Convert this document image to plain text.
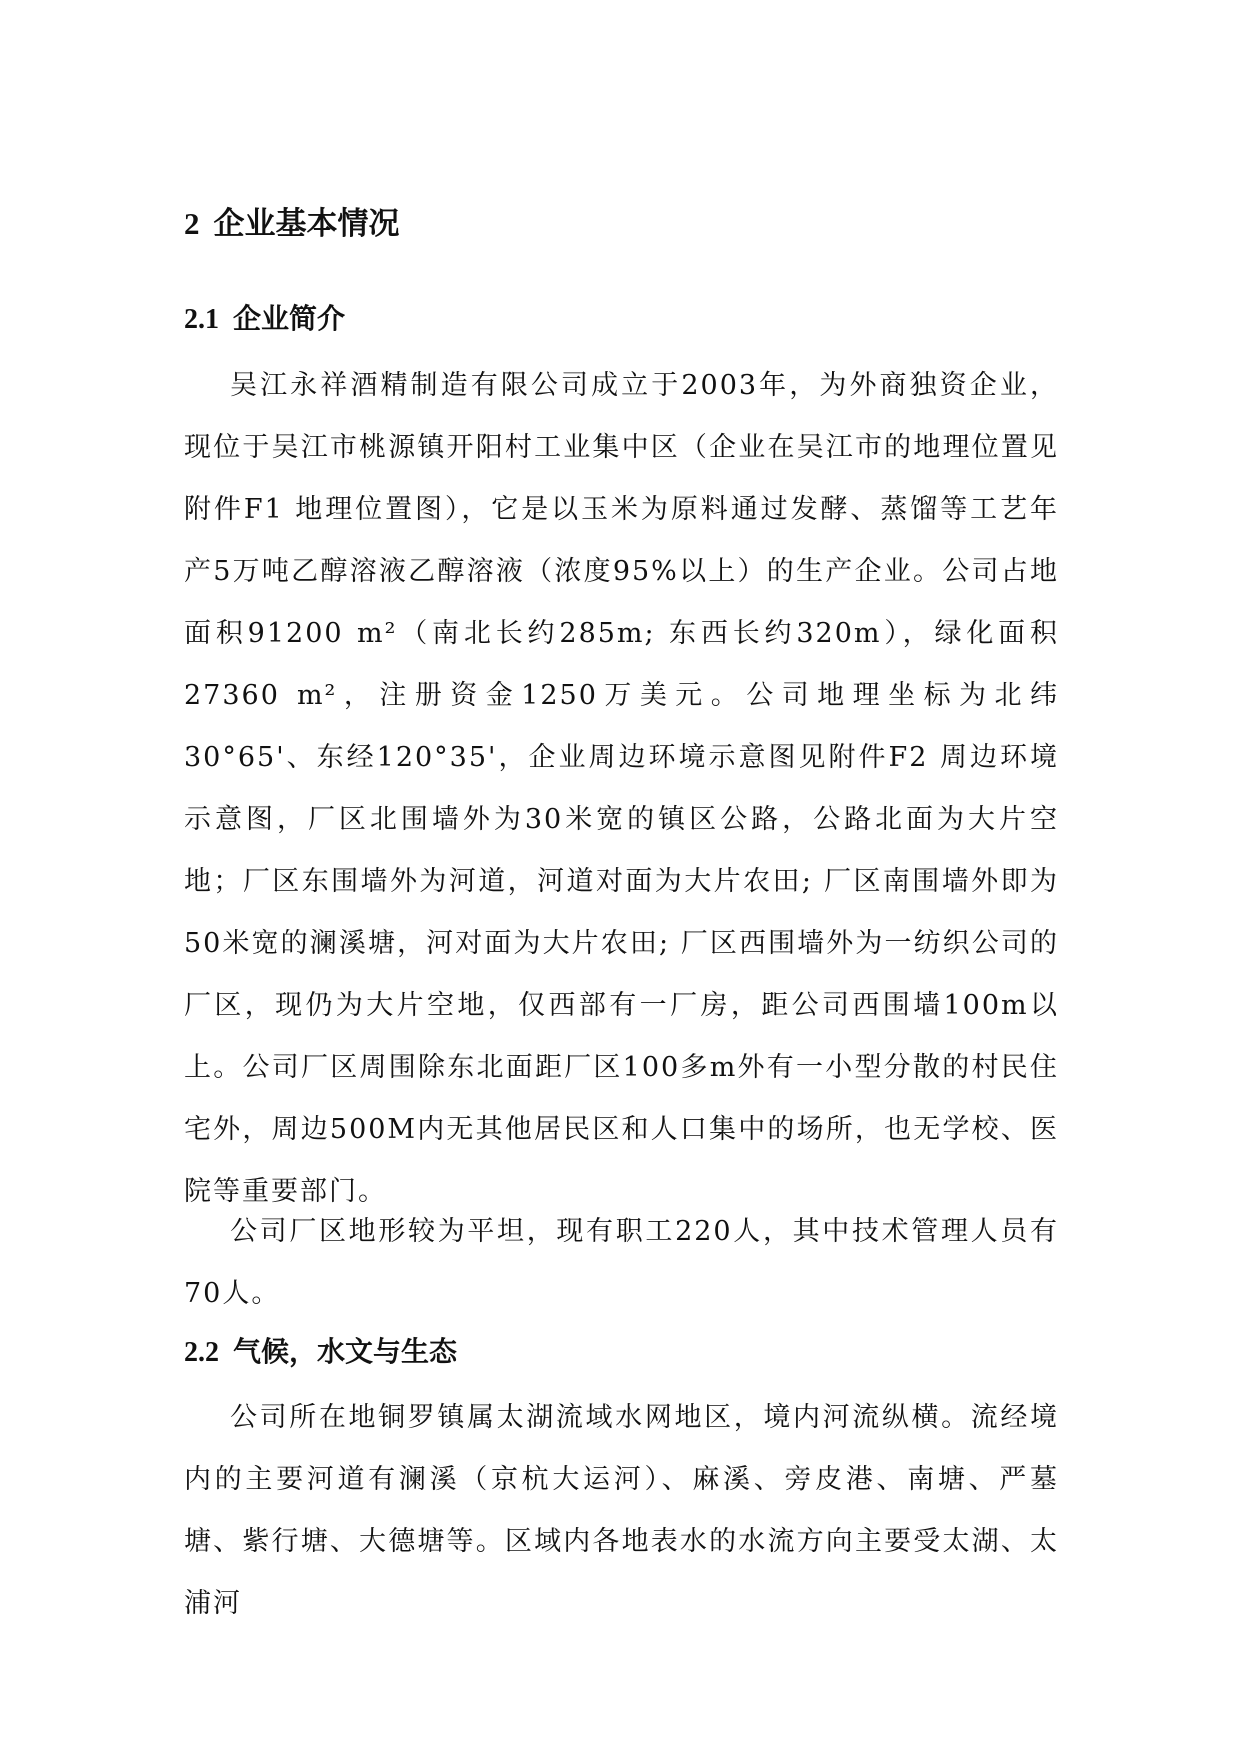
2 企业基本情况
2.1 企业简介

吴江永祥酒精制造有限公司成立于2003年，为外商独资企业，现位于吴江市桃源镇开阳村工业集中区（企业在吴江市的地理位置见附件F1 地理位置图），它是以玉米为原料通过发酵、蒸馏等工艺年产5万吨乙醇溶液乙醇溶液（浓度95%以上）的生产企业。公司占地面积91200 m²（南北长约285m; 东西长约320m），绿化面积27360 m²，注册资金1250万美元。公司地理坐标为北纬30°65'、东经120°35'，企业周边环境示意图见附件F2 周边环境示意图，厂区北围墙外为30米宽的镇区公路，公路北面为大片空地；厂区东围墙外为河道，河道对面为大片农田; 厂区南围墙外即为50米宽的澜溪塘，河对面为大片农田; 厂区西围墙外为一纺织公司的厂区，现仍为大片空地，仅西部有一厂房，距公司西围墙100m以上。公司厂区周围除东北面距厂区100多m外有一小型分散的村民住宅外，周边500M内无其他居民区和人口集中的场所，也无学校、医院等重要部门。

公司厂区地形较为平坦，现有职工220人，其中技术管理人员有70人。

2.2 气候，水文与生态

公司所在地铜罗镇属太湖流域水网地区，境内河流纵横。流经境内的主要河道有澜溪（京杭大运河）、麻溪、旁皮港、南塘、严墓塘、紫行塘、大德塘等。区域内各地表水的水流方向主要受太湖、太浦河
